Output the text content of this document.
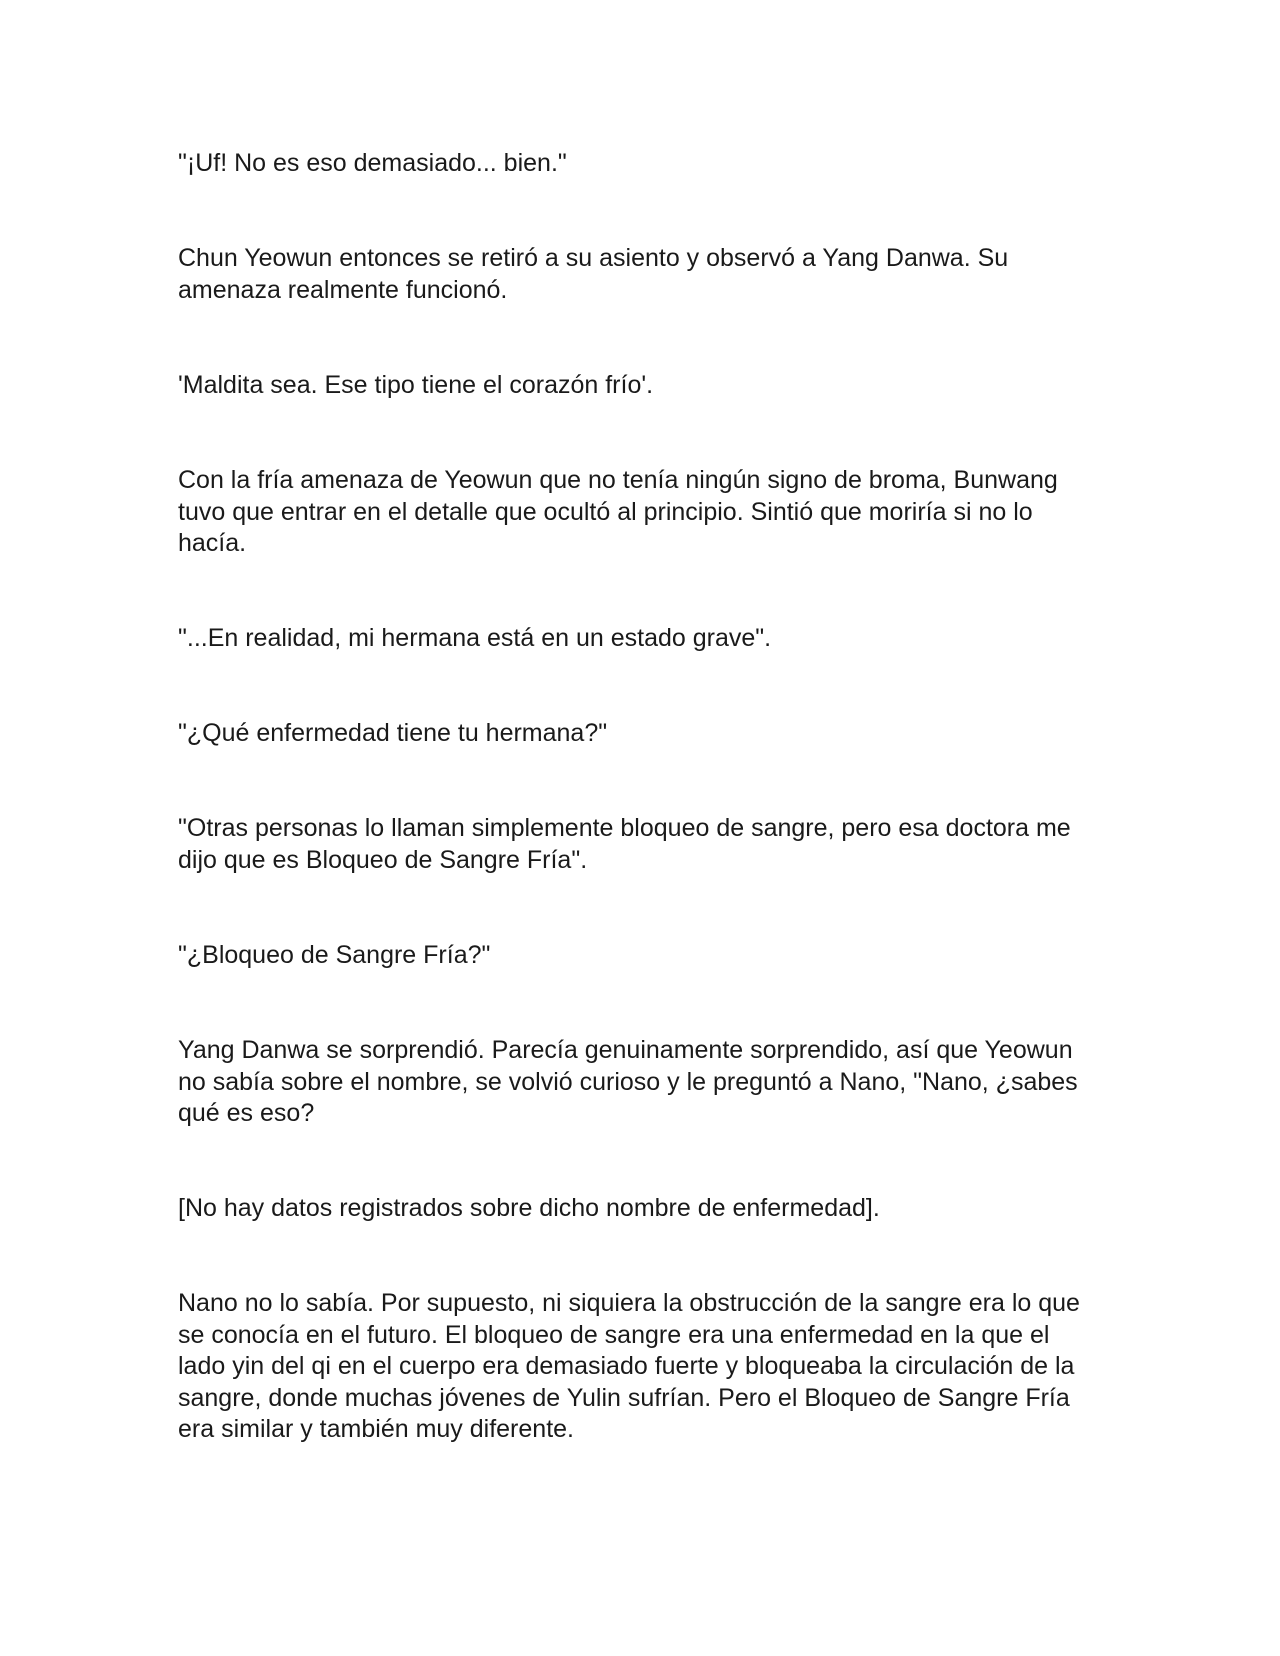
"¡Uf! No es eso demasiado... bien."

Chun Yeowun entonces se retiró a su asiento y observó a Yang Danwa. Su
amenaza realmente funcionó.

'Maldita sea. Ese tipo tiene el corazón frío'.

Con la fría amenaza de Yeowun que no tenía ningún signo de broma, Bunwang
tuvo que entrar en el detalle que ocultó al principio. Sintió que moriría si no lo
hacía.

"...En realidad, mi hermana está en un estado grave".

"¿Qué enfermedad tiene tu hermana?"

"Otras personas lo llaman simplemente bloqueo de sangre, pero esa doctora me
dijo que es Bloqueo de Sangre Fría".

"¿Bloqueo de Sangre Fría?"

Yang Danwa se sorprendió. Parecía genuinamente sorprendido, así que Yeowun
no sabía sobre el nombre, se volvió curioso y le preguntó a Nano, "Nano, ¿sabes
qué es eso?

[No hay datos registrados sobre dicho nombre de enfermedad].

Nano no lo sabía. Por supuesto, ni siquiera la obstrucción de la sangre era lo que
se conocía en el futuro. El bloqueo de sangre era una enfermedad en la que el
lado yin del qi en el cuerpo era demasiado fuerte y bloqueaba la circulación de la
sangre, donde muchas jóvenes de Yulin sufrían. Pero el Bloqueo de Sangre Fría
era similar y también muy diferente.
